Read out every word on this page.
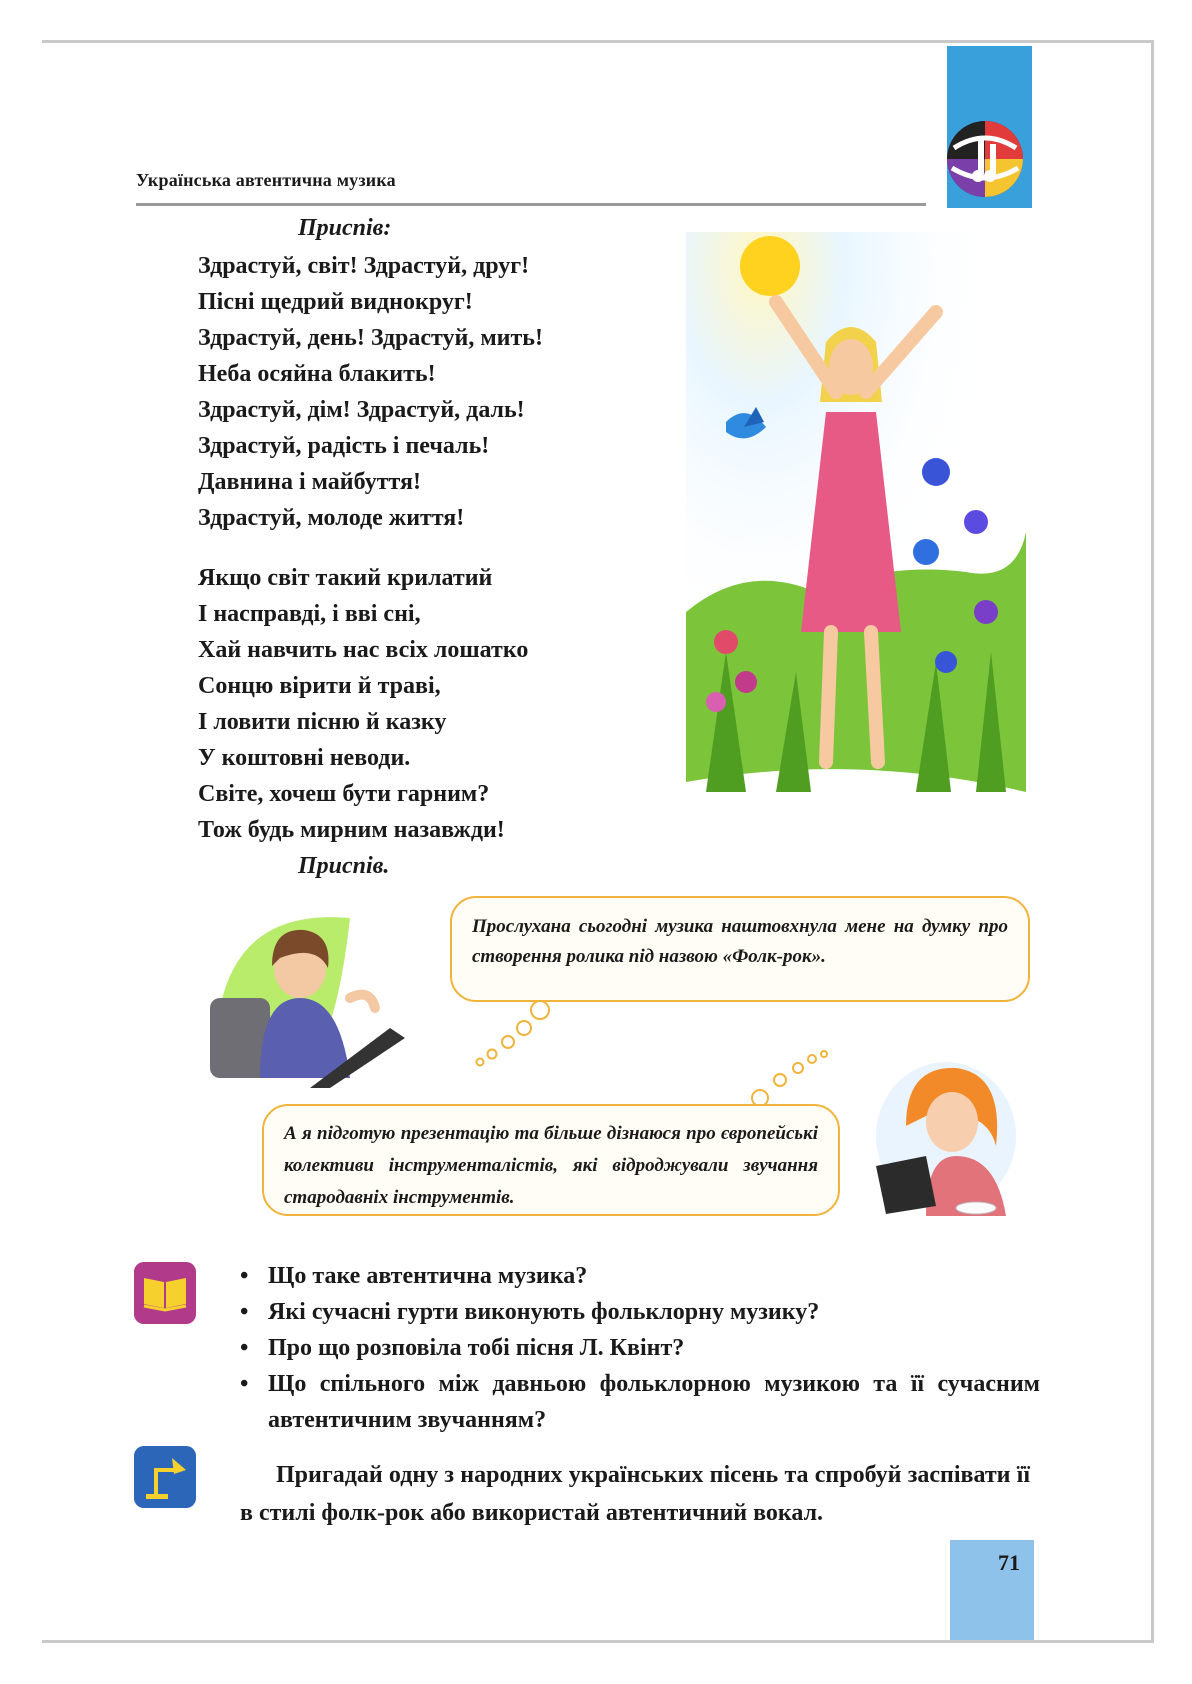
Українська автентична музика
Приспів:
Здрастуй, світ! Здрастуй, друг!
Пісні щедрий виднокруг!
Здрастуй, день! Здрастуй, мить!
Неба осяйна блакить!
Здрастуй, дім! Здрастуй, даль!
Здрастуй, радість і печаль!
Давнина і майбуття!
Здрастуй, молоде життя!
Якщо світ такий крилатий
І насправді, і вві сні,
Хай навчить нас всіх лошатко
Сонцю вірити й траві,
І ловити пісню й казку
У коштовні неводи.
Світе, хочеш бути гарним?
Тож будь мирним назавжди!
Приспів.
Прослухана сьогодні музика наштовхнула мене на думку про створення ролика під назвою «Фолк-рок».
А я підготую презентацію та більше дізнаюся про європейські колективи інструменталістів, які відроджували звучання стародавніх інструментів.
• Що таке автентична музика?
• Які сучасні гурти виконують фольклорну музику?
• Про що розповіла тобі пісня Л. Квінт?
• Що спільного між давньою фольклорною музикою та її сучасним автентичним звучанням?
Пригадай одну з народних українських пісень та спробуй заспівати її в стилі фолк-рок або використай автентичний вокал.
71
